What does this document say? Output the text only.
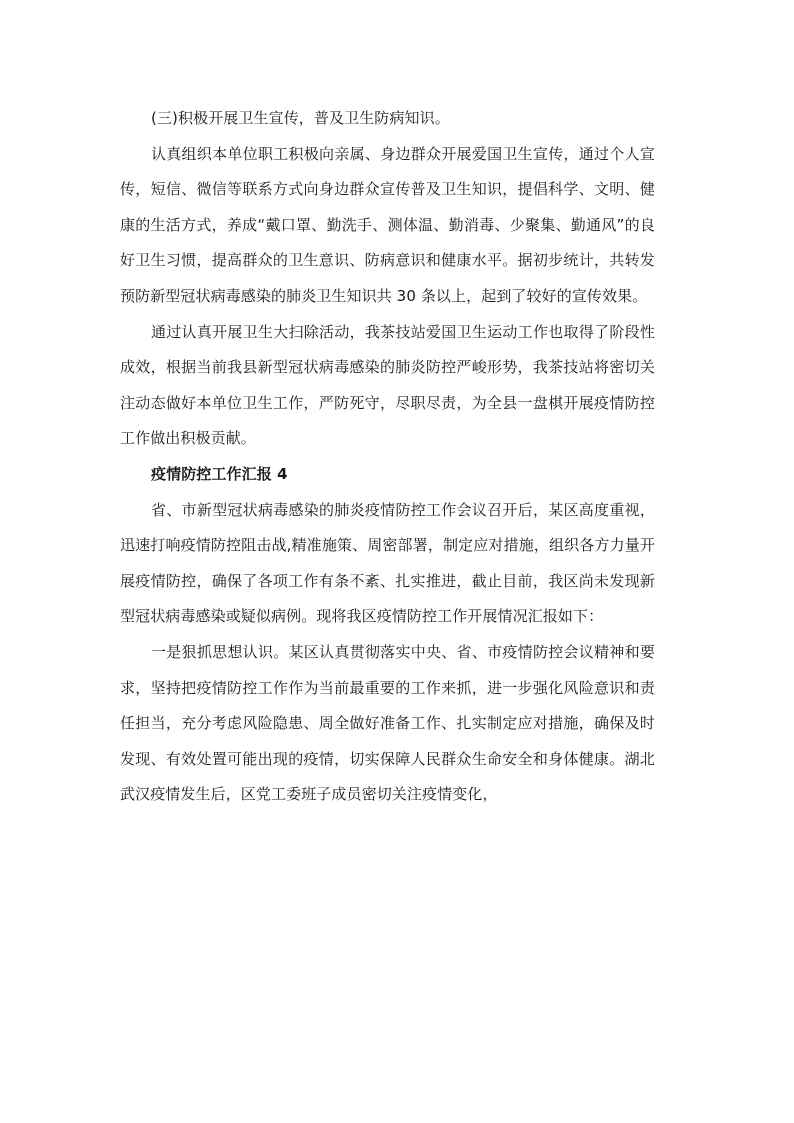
(三)积极开展卫生宣传，普及卫生防病知识。

认真组织本单位职工积极向亲属、身边群众开展爱国卫生宣传，通过个人宣传，短信、微信等联系方式向身边群众宣传普及卫生知识，提倡科学、文明、健康的生活方式，养成“戴口罩、勤洗手、测体温、勤消毒、少聚集、勤通风”的良好卫生习惯，提高群众的卫生意识、防病意识和健康水平。据初步统计，共转发预防新型冠状病毒感染的肺炎卫生知识共 30 条以上，起到了较好的宣传效果。

通过认真开展卫生大扫除活动，我茶技站爱国卫生运动工作也取得了阶段性成效，根据当前我县新型冠状病毒感染的肺炎防控严峻形势，我茶技站将密切关注动态做好本单位卫生工作，严防死守，尽职尽责，为全县一盘棋开展疫情防控工作做出积极贡献。

疫情防控工作汇报 4

省、市新型冠状病毒感染的肺炎疫情防控工作会议召开后，某区高度重视，迅速打响疫情防控阻击战,精准施策、周密部署，制定应对措施，组织各方力量开展疫情防控，确保了各项工作有条不紊、扎实推进，截止目前，我区尚未发现新型冠状病毒感染或疑似病例。现将我区疫情防控工作开展情况汇报如下：

一是狠抓思想认识。某区认真贯彻落实中央、省、市疫情防控会议精神和要求，坚持把疫情防控工作作为当前最重要的工作来抓，进一步强化风险意识和责任担当，充分考虑风险隐患、周全做好准备工作、扎实制定应对措施，确保及时发现、有效处置可能出现的疫情，切实保障人民群众生命安全和身体健康。湖北武汉疫情发生后，区党工委班子成员密切关注疫情变化，
